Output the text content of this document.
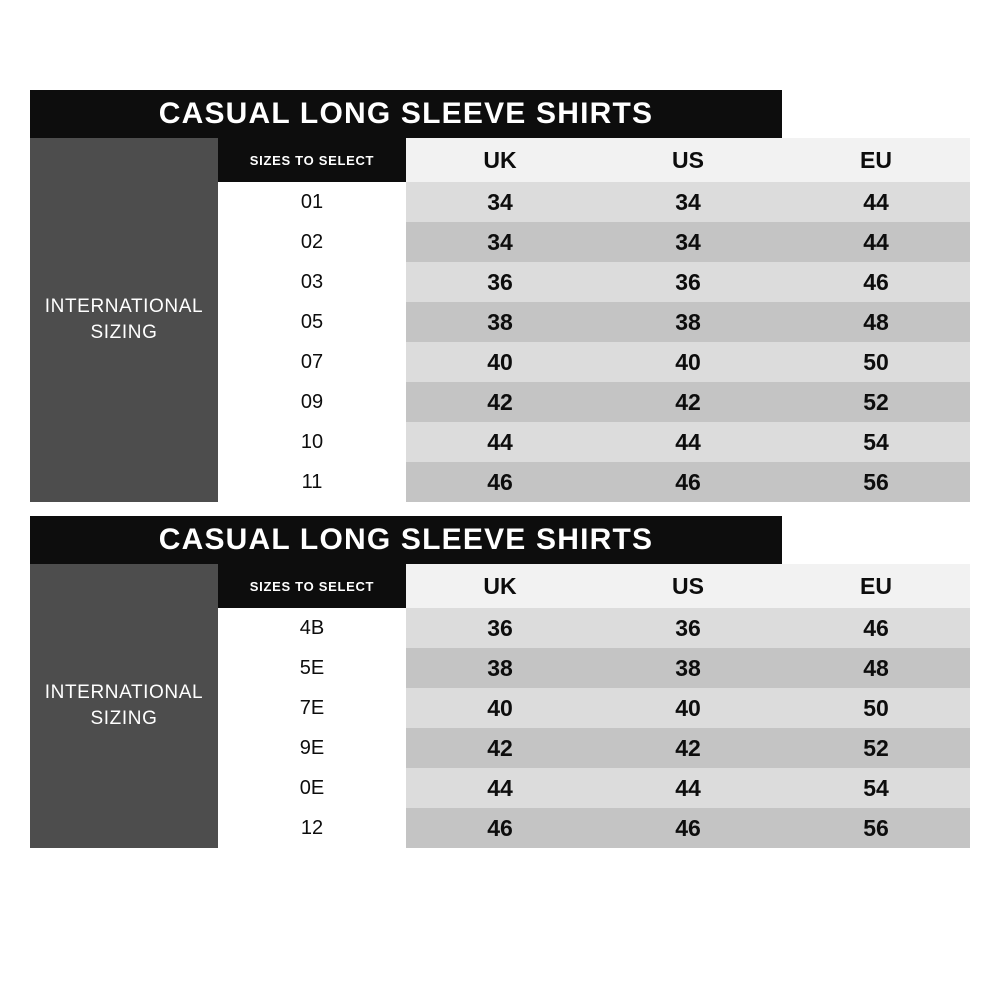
CASUAL LONG SLEEVE SHIRTS				
INTERNATIONAL SIZING	SIZES TO SELECT	UK	US	EU
	01	34	34	44
	02	34	34	44
	03	36	36	46
	05	38	38	48
	07	40	40	50
	09	42	42	52
	10	44	44	54
	11	46	46	56
CASUAL LONG SLEEVE SHIRTS				
INTERNATIONAL SIZING	SIZES TO SELECT	UK	US	EU
	4B	36	36	46
	5E	38	38	48
	7E	40	40	50
	9E	42	42	52
	0E	44	44	54
	12	46	46	56
